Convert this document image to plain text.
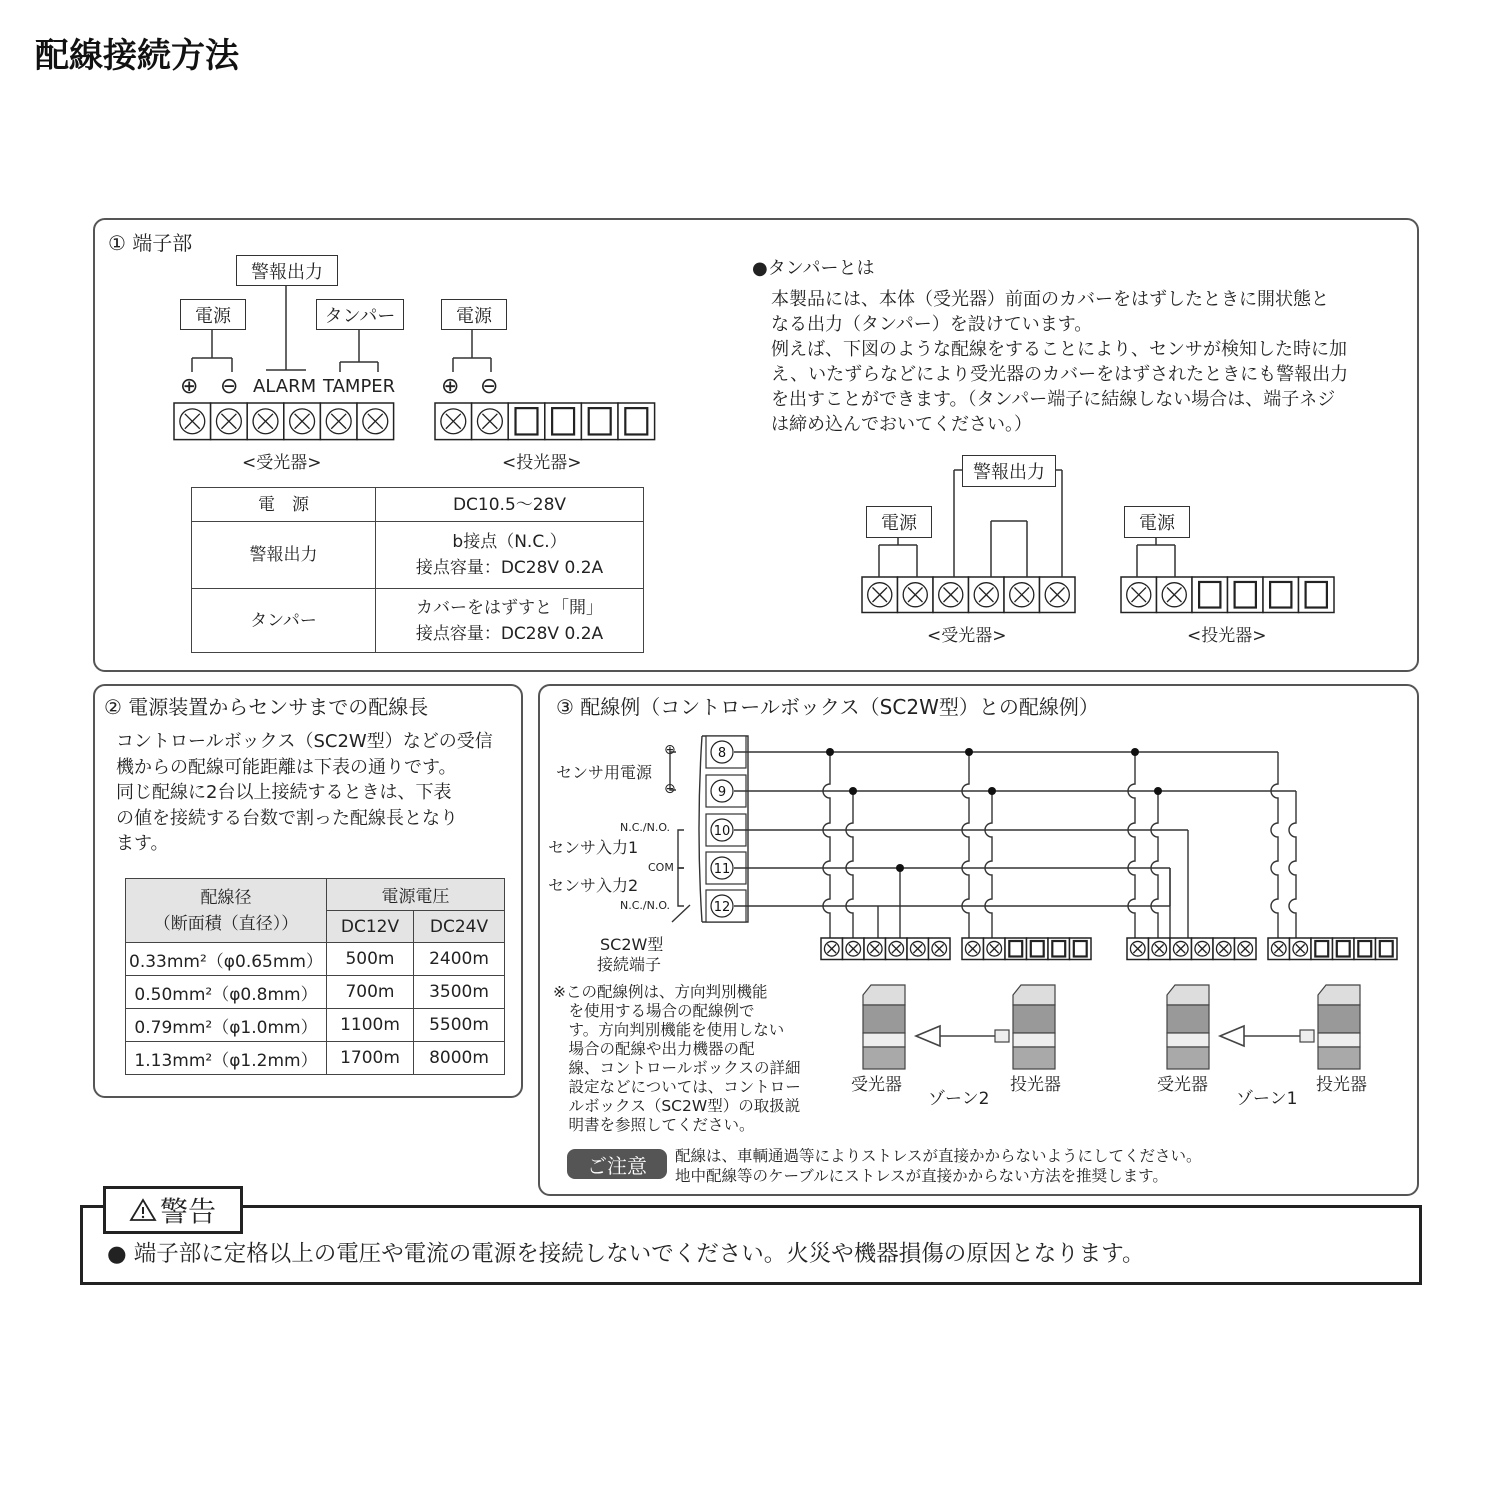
配線接続方法
① 端子部
警報出力
電源	タンパー	電源
⊕ ⊖ ALARM TAMPER ⊕ ⊖
<受光器>	<投光器>
電　源	DC10.5～28V
警報出力	b接点（N.C.）
接点容量：DC28V 0.2A

タンパー	カバーをはずすと「開」
接点容量：DC28V 0.2A
●タンパーとは
本製品には、本体（受光器）前面のカバーをはずしたときに開状態と
なる出力（タンパー）を設けています。
例えば、下図のような配線をすることにより、センサが検知した時に加
え、いたずらなどにより受光器のカバーをはずされたときにも警報出力
を出すことができます。（タンパー端子に結線しない場合は、端子ネジ
は締め込んでおいてください。）
警報出力
電源	電源
<受光器>	<投光器>
② 電源装置からセンサまでの配線長
コントロールボックス（SC2W型）などの受信
機からの配線可能距離は下表の通りです。
同じ配線に2台以上接続するときは、下表
の値を接続する台数で割った配線長となり
ます。
配線径
（断面積（直径））	電源電圧	
	DC12V	DC24V
0.33mm²（φ0.65mm）	500m	2400m
0.50mm²（φ0.8mm）	700m	3500m
0.79mm²（φ1.0mm）	1100m	5500m
1.13mm²（φ1.2mm）	1700m	8000m
③ 配線例（コントロールボックス（SC2W型）との配線例）
センサ用電源
⊕
⊖
N.C./N.O.
センサ入力1
COM
センサ入力2
N.C./N.O.
SC2W型
接続端子
8
9
10
11
12
※この配線例は、方向判別機能
　を使用する場合の配線例で
　す。方向判別機能を使用しない
　場合の配線や出力機器の配
　線、コントロールボックスの詳細
　設定などについては、コントロー
　ルボックス（SC2W型）の取扱説
　明書を参照してください。
受光器
ゾーン2
投光器	受光器
ゾーン1
投光器
ご注意	配線は、車輌通過等によりストレスが直接かからないようにしてください。
地中配線等のケーブルにストレスが直接かからない方法を推奨します。
警告
● 端子部に定格以上の電圧や電流の電源を接続しないでください。火災や機器損傷の原因となります。
